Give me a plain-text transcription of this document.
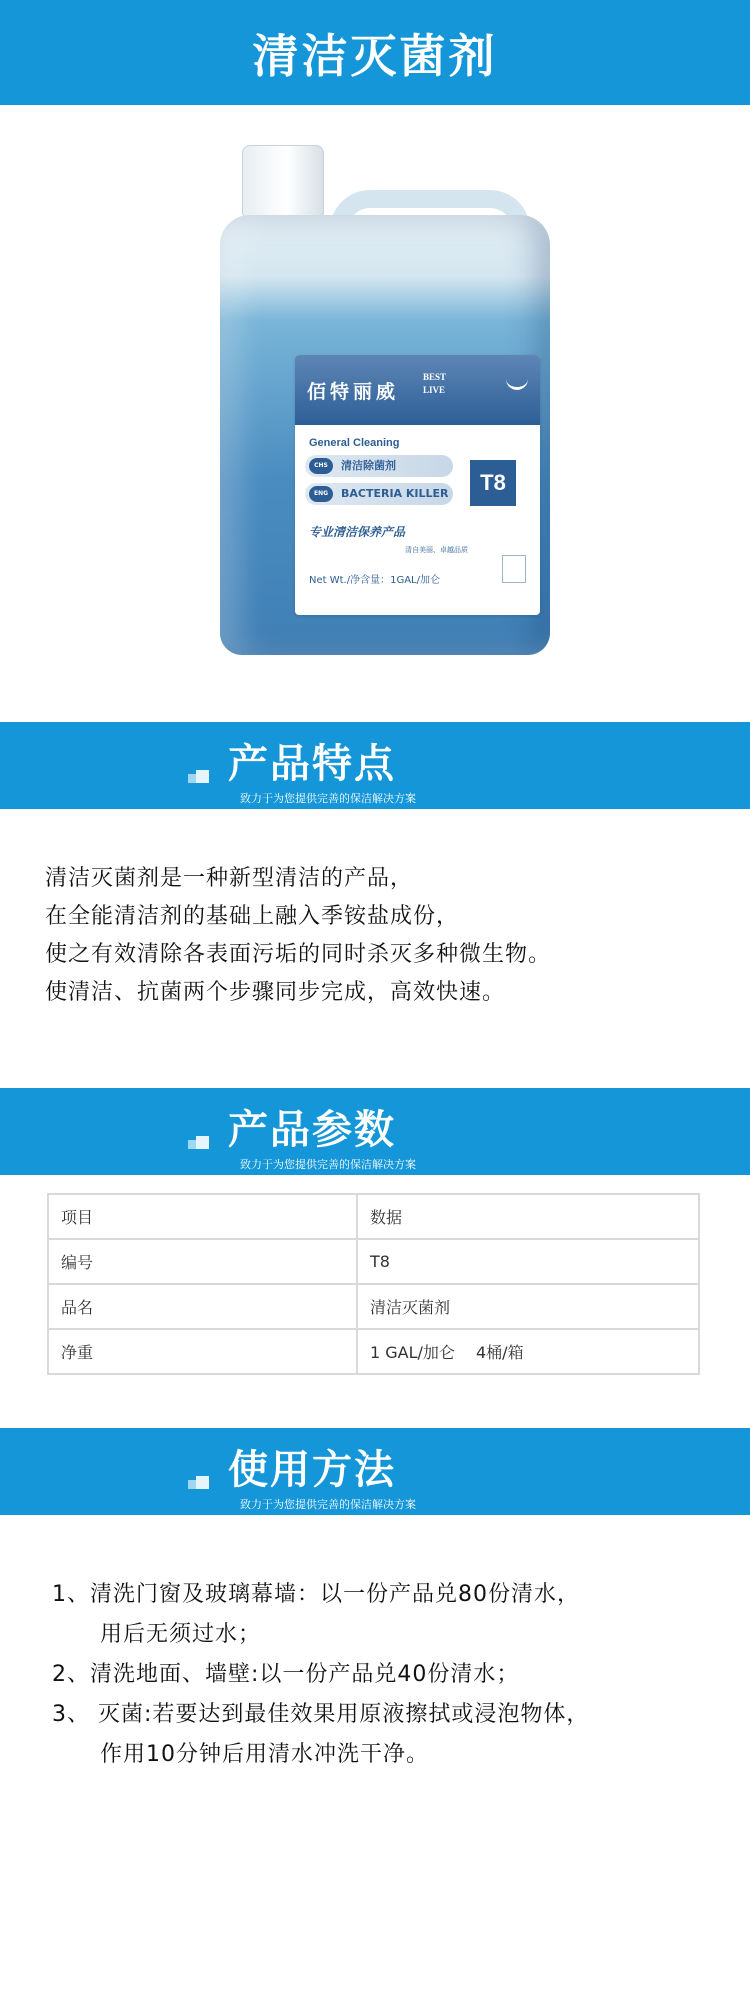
清洁灭菌剂
佰特丽威
BEST
LIVE
General Cleaning
CHS	清洁除菌剂
ENG	BACTERIA KILLER	T8
专业清洁保养产品
清自美丽、卓越品质
Net Wt./净含量：1GAL/加仑
产品特点
致力于为您提供完善的保洁解决方案

清洁灭菌剂是一种新型清洁的产品，

在全能清洁剂的基础上融入季铵盐成份，

使之有效清除各表面污垢的同时杀灭多种微生物。

使清洁、抗菌两个步骤同步完成，高效快速。

产品参数
致力于为您提供完善的保洁解决方案
项目	数据
编号	T8
品名	清洁灭菌剂
净重	1 GAL/加仑　 4桶/箱
使用方法
致力于为您提供完善的保洁解决方案

1、清洗门窗及玻璃幕墙：以一份产品兑80份清水，

用后无须过水；

2、清洗地面、墙壁:以一份产品兑40份清水；

3、 灭菌:若要达到最佳效果用原液擦拭或浸泡物体，

作用10分钟后用清水冲洗干净。
